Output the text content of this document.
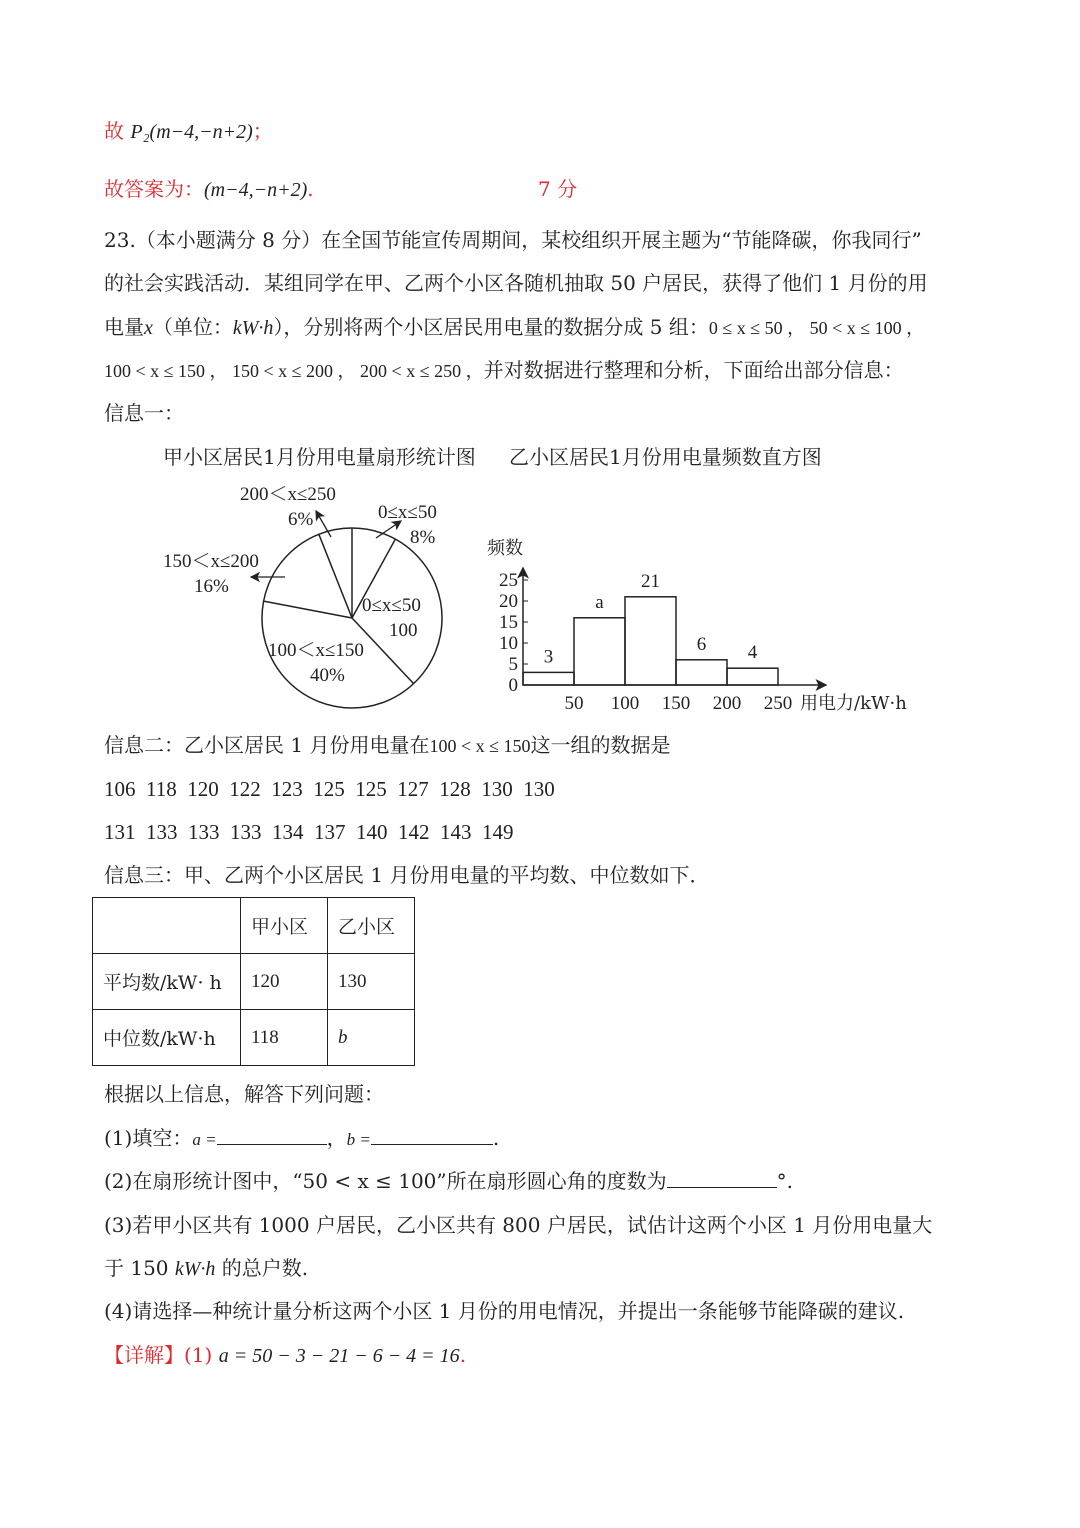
故 P₂(m−4,−n+2)；
故答案为：(m−4,−n+2).	7 分
23.（本小题满分 8 分）在全国节能宣传周期间，某校组织开展主题为“节能降碳，你我同行”
的社会实践活动．某组同学在甲、乙两个小区各随机抽取 50 户居民，获得了他们 1 月份的用
电量x（单位：kW·h），分别将两个小区居民用电量的数据分成 5 组：0 ≤ x ≤ 50 ， 50 < x ≤ 100 ，
100 < x ≤ 150 ， 150 < x ≤ 200 ， 200 < x ≤ 250 ，并对数据进行整理和分析，下面给出部分信息：
信息一：
甲小区居民1月份用电量扇形统计图 乙小区居民1月份用电量频数直方图
0
5
10
15
20
25
50 100 150 200 250
3
a
21
6 4
200＜x≤250
6%	0≤x≤50
8%
150＜x≤200
16%
0≤x≤50
100
100＜x≤150
40%
频数
用电力/kW·h
信息二：乙小区居民 1 月份用电量在100 < x ≤ 150这一组的数据是
106  118  120  122  123  125  125  127  128  130  130
131  133  133  133  134  137  140  142  143  149
信息三：甲、乙两个小区居民 1 月份用电量的平均数、中位数如下．
	甲小区	乙小区
平均数/kW· h	120	130
中位数/kW·h	118	b
根据以上信息，解答下列问题：
(1)填空：a =	，b =	.
(2)在扇形统计图中，“50 < x ≤ 100”所在扇形圆心角的度数为	°.
(3)若甲小区共有 1000 户居民，乙小区共有 800 户居民，试估计这两个小区 1 月份用电量大
于 150 kW·h 的总户数.
(4)请选择—种统计量分析这两个小区 1 月份的用电情况，并提出一条能够节能降碳的建议.
【详解】(1) a = 50 − 3 − 21 − 6 − 4 = 16.
